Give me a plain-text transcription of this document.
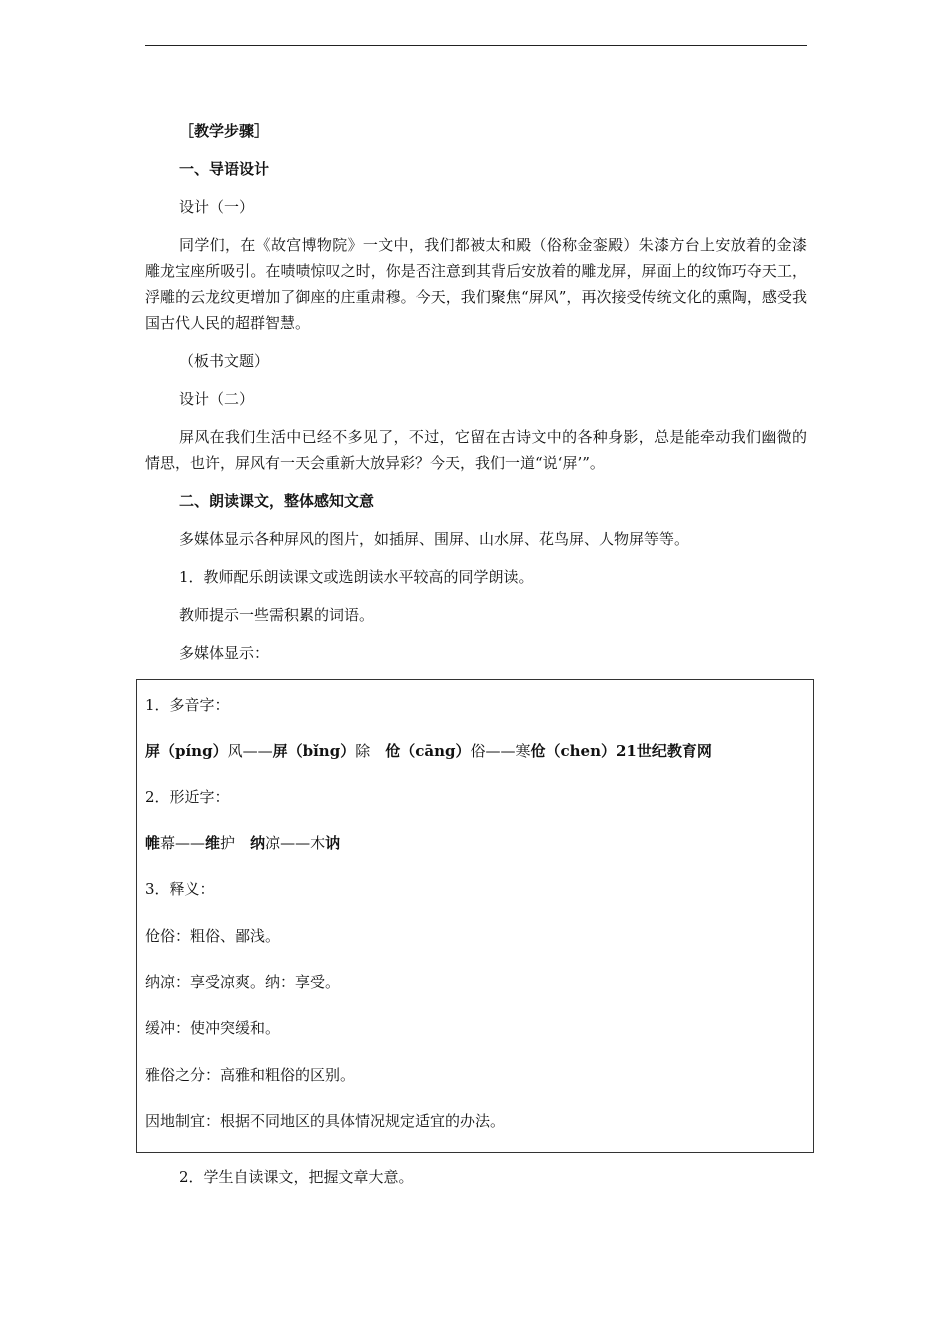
［教学步骤］

一、导语设计

设计（一）

同学们，在《故宫博物院》一文中，我们都被太和殿（俗称金銮殿）朱漆方台上安放着的金漆雕龙宝座所吸引。在啧啧惊叹之时，你是否注意到其背后安放着的雕龙屏，屏面上的纹饰巧夺天工，浮雕的云龙纹更增加了御座的庄重肃穆。今天，我们聚焦“屏风”，再次接受传统文化的熏陶，感受我国古代人民的超群智慧。

（板书文题）

设计（二）

屏风在我们生活中已经不多见了，不过，它留在古诗文中的各种身影，总是能牵动我们幽微的情思，也许，屏风有一天会重新大放异彩？今天，我们一道“说‘屏’”。

二、朗读课文，整体感知文意

多媒体显示各种屏风的图片，如插屏、围屏、山水屏、花鸟屏、人物屏等等。

1．教师配乐朗读课文或选朗读水平较高的同学朗读。

教师提示一些需积累的词语。

多媒体显示：

1．多音字：
屏（píng）风——屏（bǐng）除　伧（cāng）俗——寒伧（chen）21世纪教育网
2．形近字：
帷幕——维护　纳凉——木讷
3．释义：
伧俗：粗俗、鄙浅。
纳凉：享受凉爽。纳：享受。
缓冲：使冲突缓和。
雅俗之分：高雅和粗俗的区别。
因地制宜：根据不同地区的具体情况规定适宜的办法。
2．学生自读课文，把握文章大意。
